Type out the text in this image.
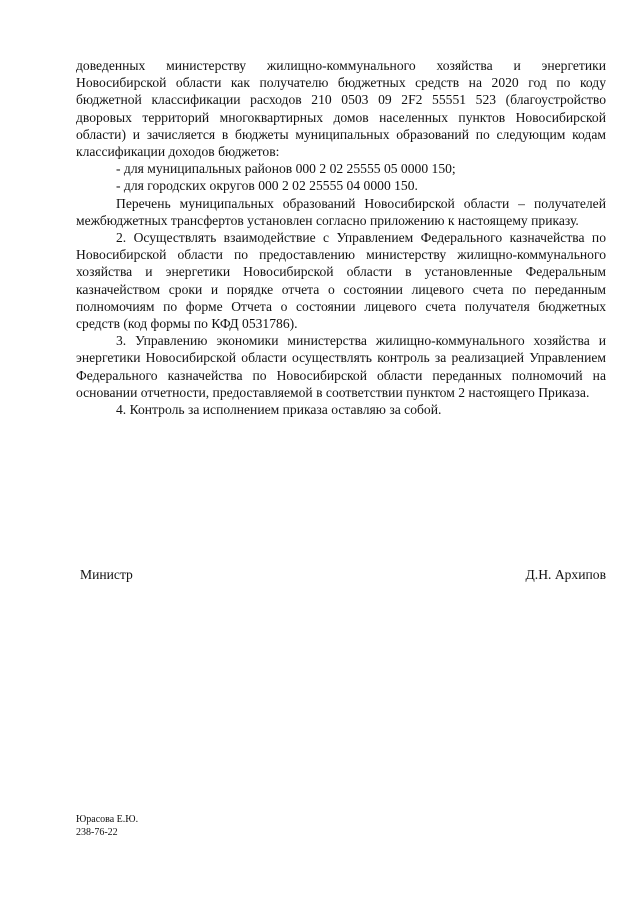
доведенных министерству жилищно-коммунального хозяйства и энергетики Новосибирской области как получателю бюджетных средств на 2020 год по коду бюджетной классификации расходов 210 0503 09 2F2 55551 523 (благоустройство дворовых территорий многоквартирных домов населенных пунктов Новосибирской области) и зачисляется в бюджеты муниципальных образований по следующим кодам классификации доходов бюджетов:

- для муниципальных районов 000 2 02 25555 05 0000 150;

- для городских округов 000 2 02 25555 04 0000 150.

Перечень муниципальных образований Новосибирской области – получателей межбюджетных трансфертов установлен согласно приложению к настоящему приказу.

2. Осуществлять взаимодействие с Управлением Федерального казначейства по Новосибирской области по предоставлению министерству жилищно-коммунального хозяйства и энергетики Новосибирской области в установленные Федеральным казначейством сроки и порядке отчета о состоянии лицевого счета по переданным полномочиям по форме Отчета о состоянии лицевого счета получателя бюджетных средств (код формы по КФД 0531786).

3. Управлению экономики министерства жилищно-коммунального хозяйства и энергетики Новосибирской области осуществлять контроль за реализацией Управлением Федерального казначейства по Новосибирской области переданных полномочий на основании отчетности, предоставляемой в соответствии пунктом 2 настоящего Приказа.

4. Контроль за исполнением приказа оставляю за собой.

Министр	Д.Н. Архипов
Юрасова Е.Ю.
238-76-22
